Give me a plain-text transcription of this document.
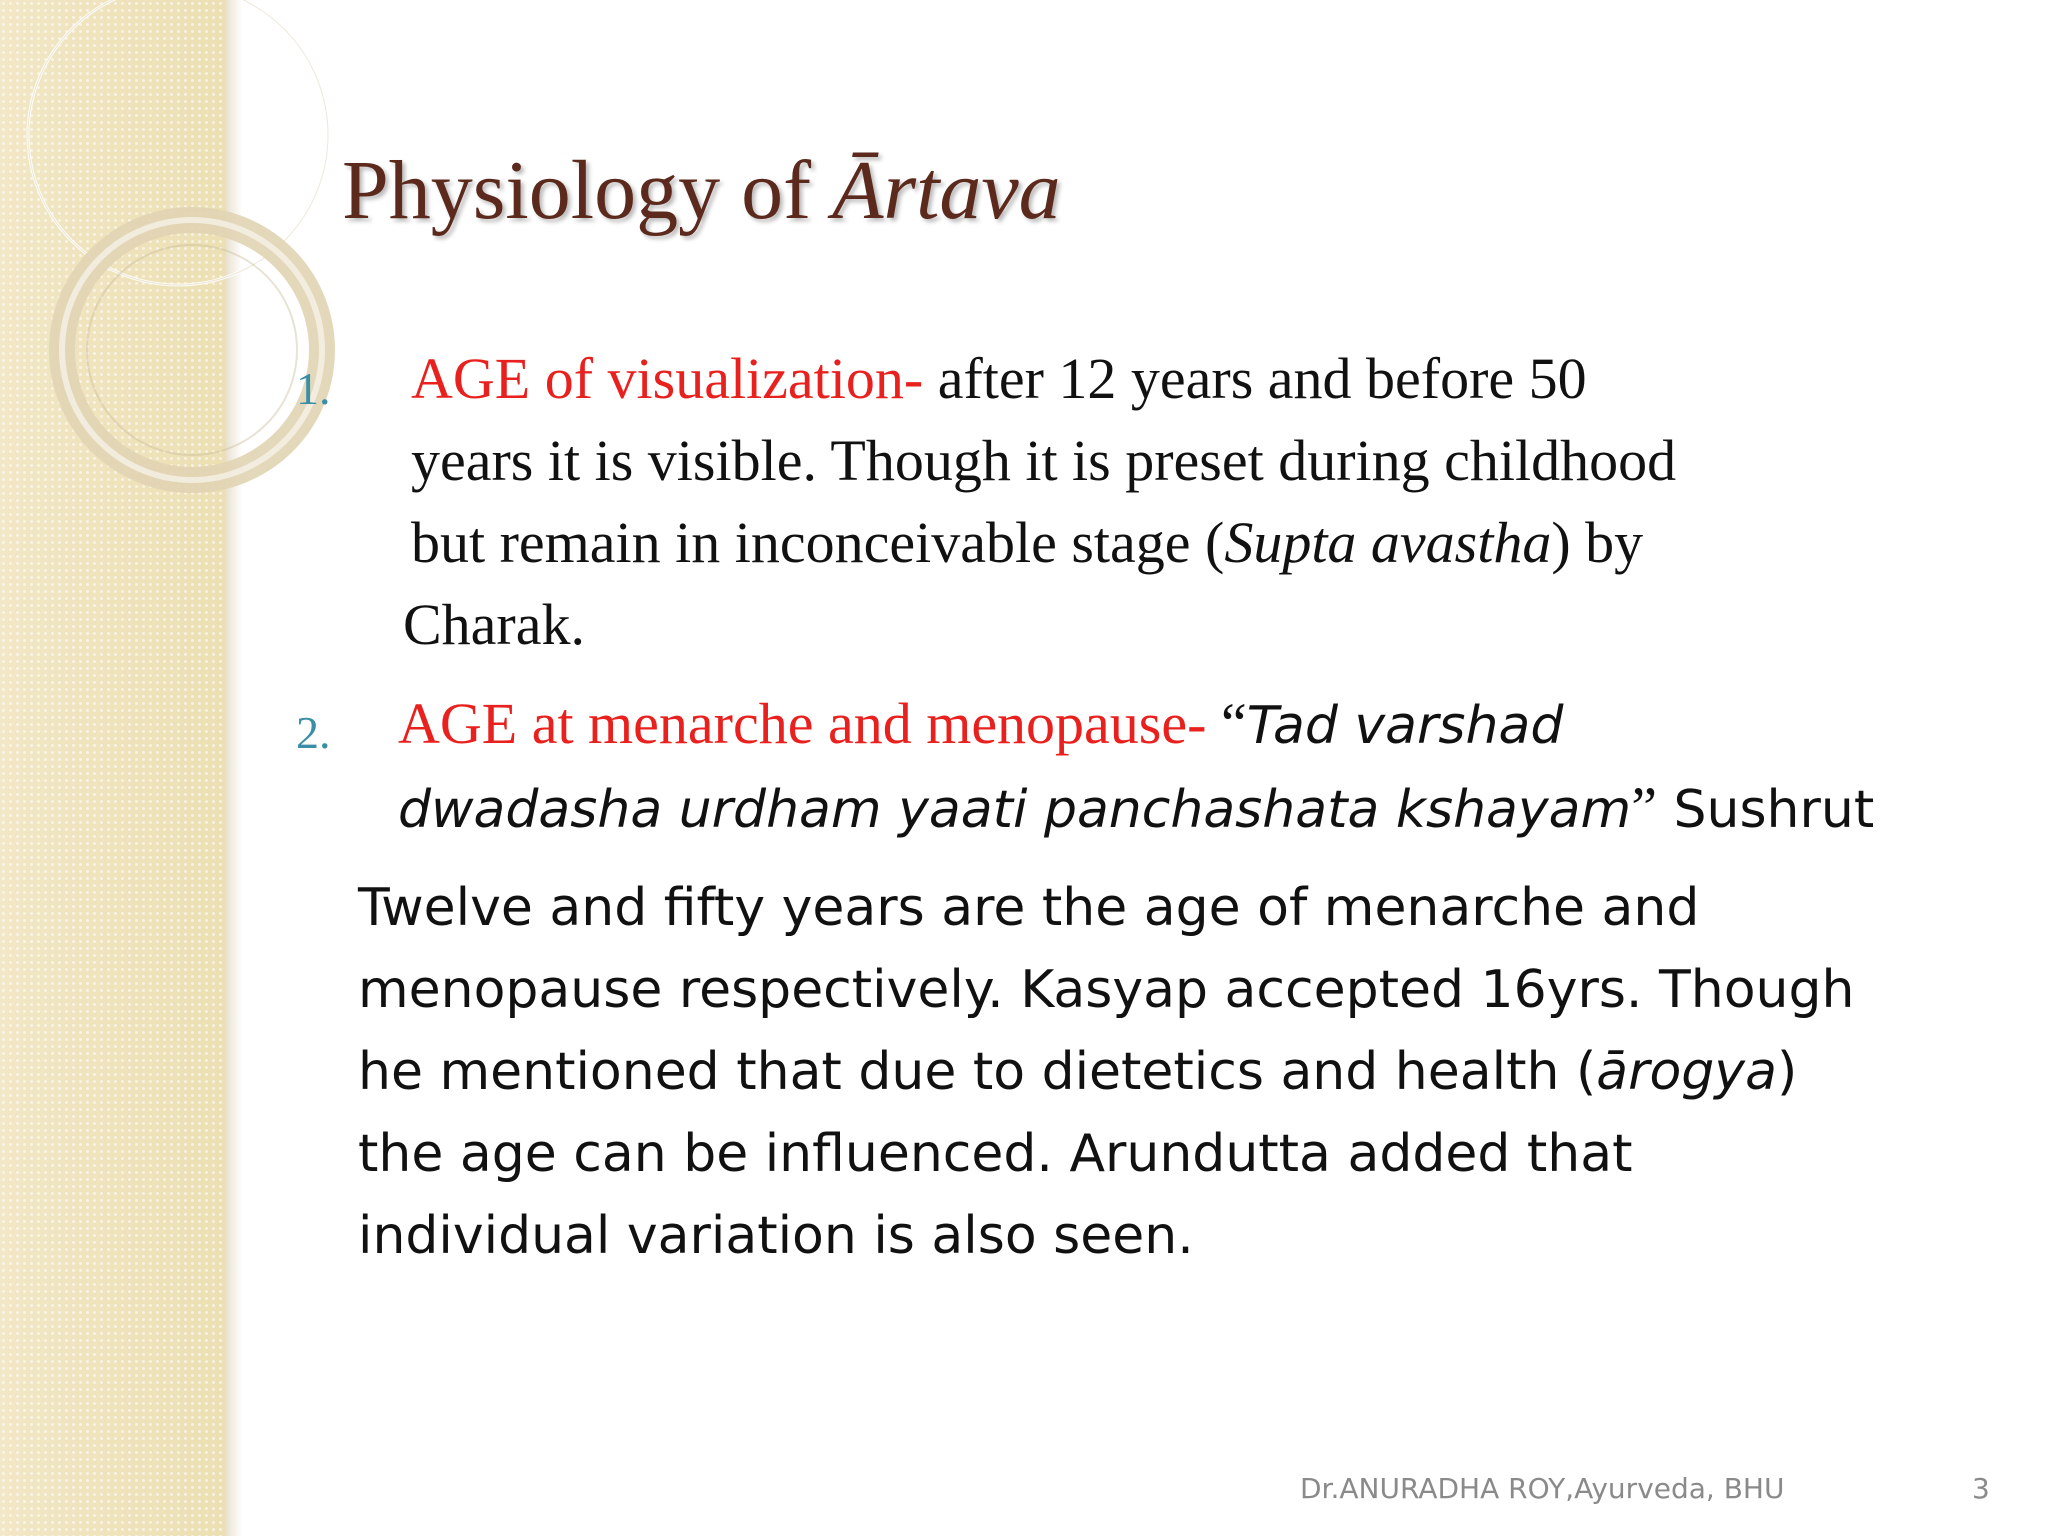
Physiology of Ārtava
1. AGE of visualization- after 12 years and before 50
years it is visible. Though it is preset during childhood
but remain in inconceivable stage (Supta avastha) by
Charak.
2. AGE at menarche and menopause- “Tad varshad
dwadasha urdham yaati panchashata kshayam” Sushrut
Twelve and fifty years are the age of menarche and
menopause respectively. Kasyap accepted 16yrs. Though
he mentioned that due to dietetics and health (ārogya)
the age can be influenced. Arundutta added that
individual variation is also seen.
Dr.ANURADHA ROY,Ayurveda, BHU	3
